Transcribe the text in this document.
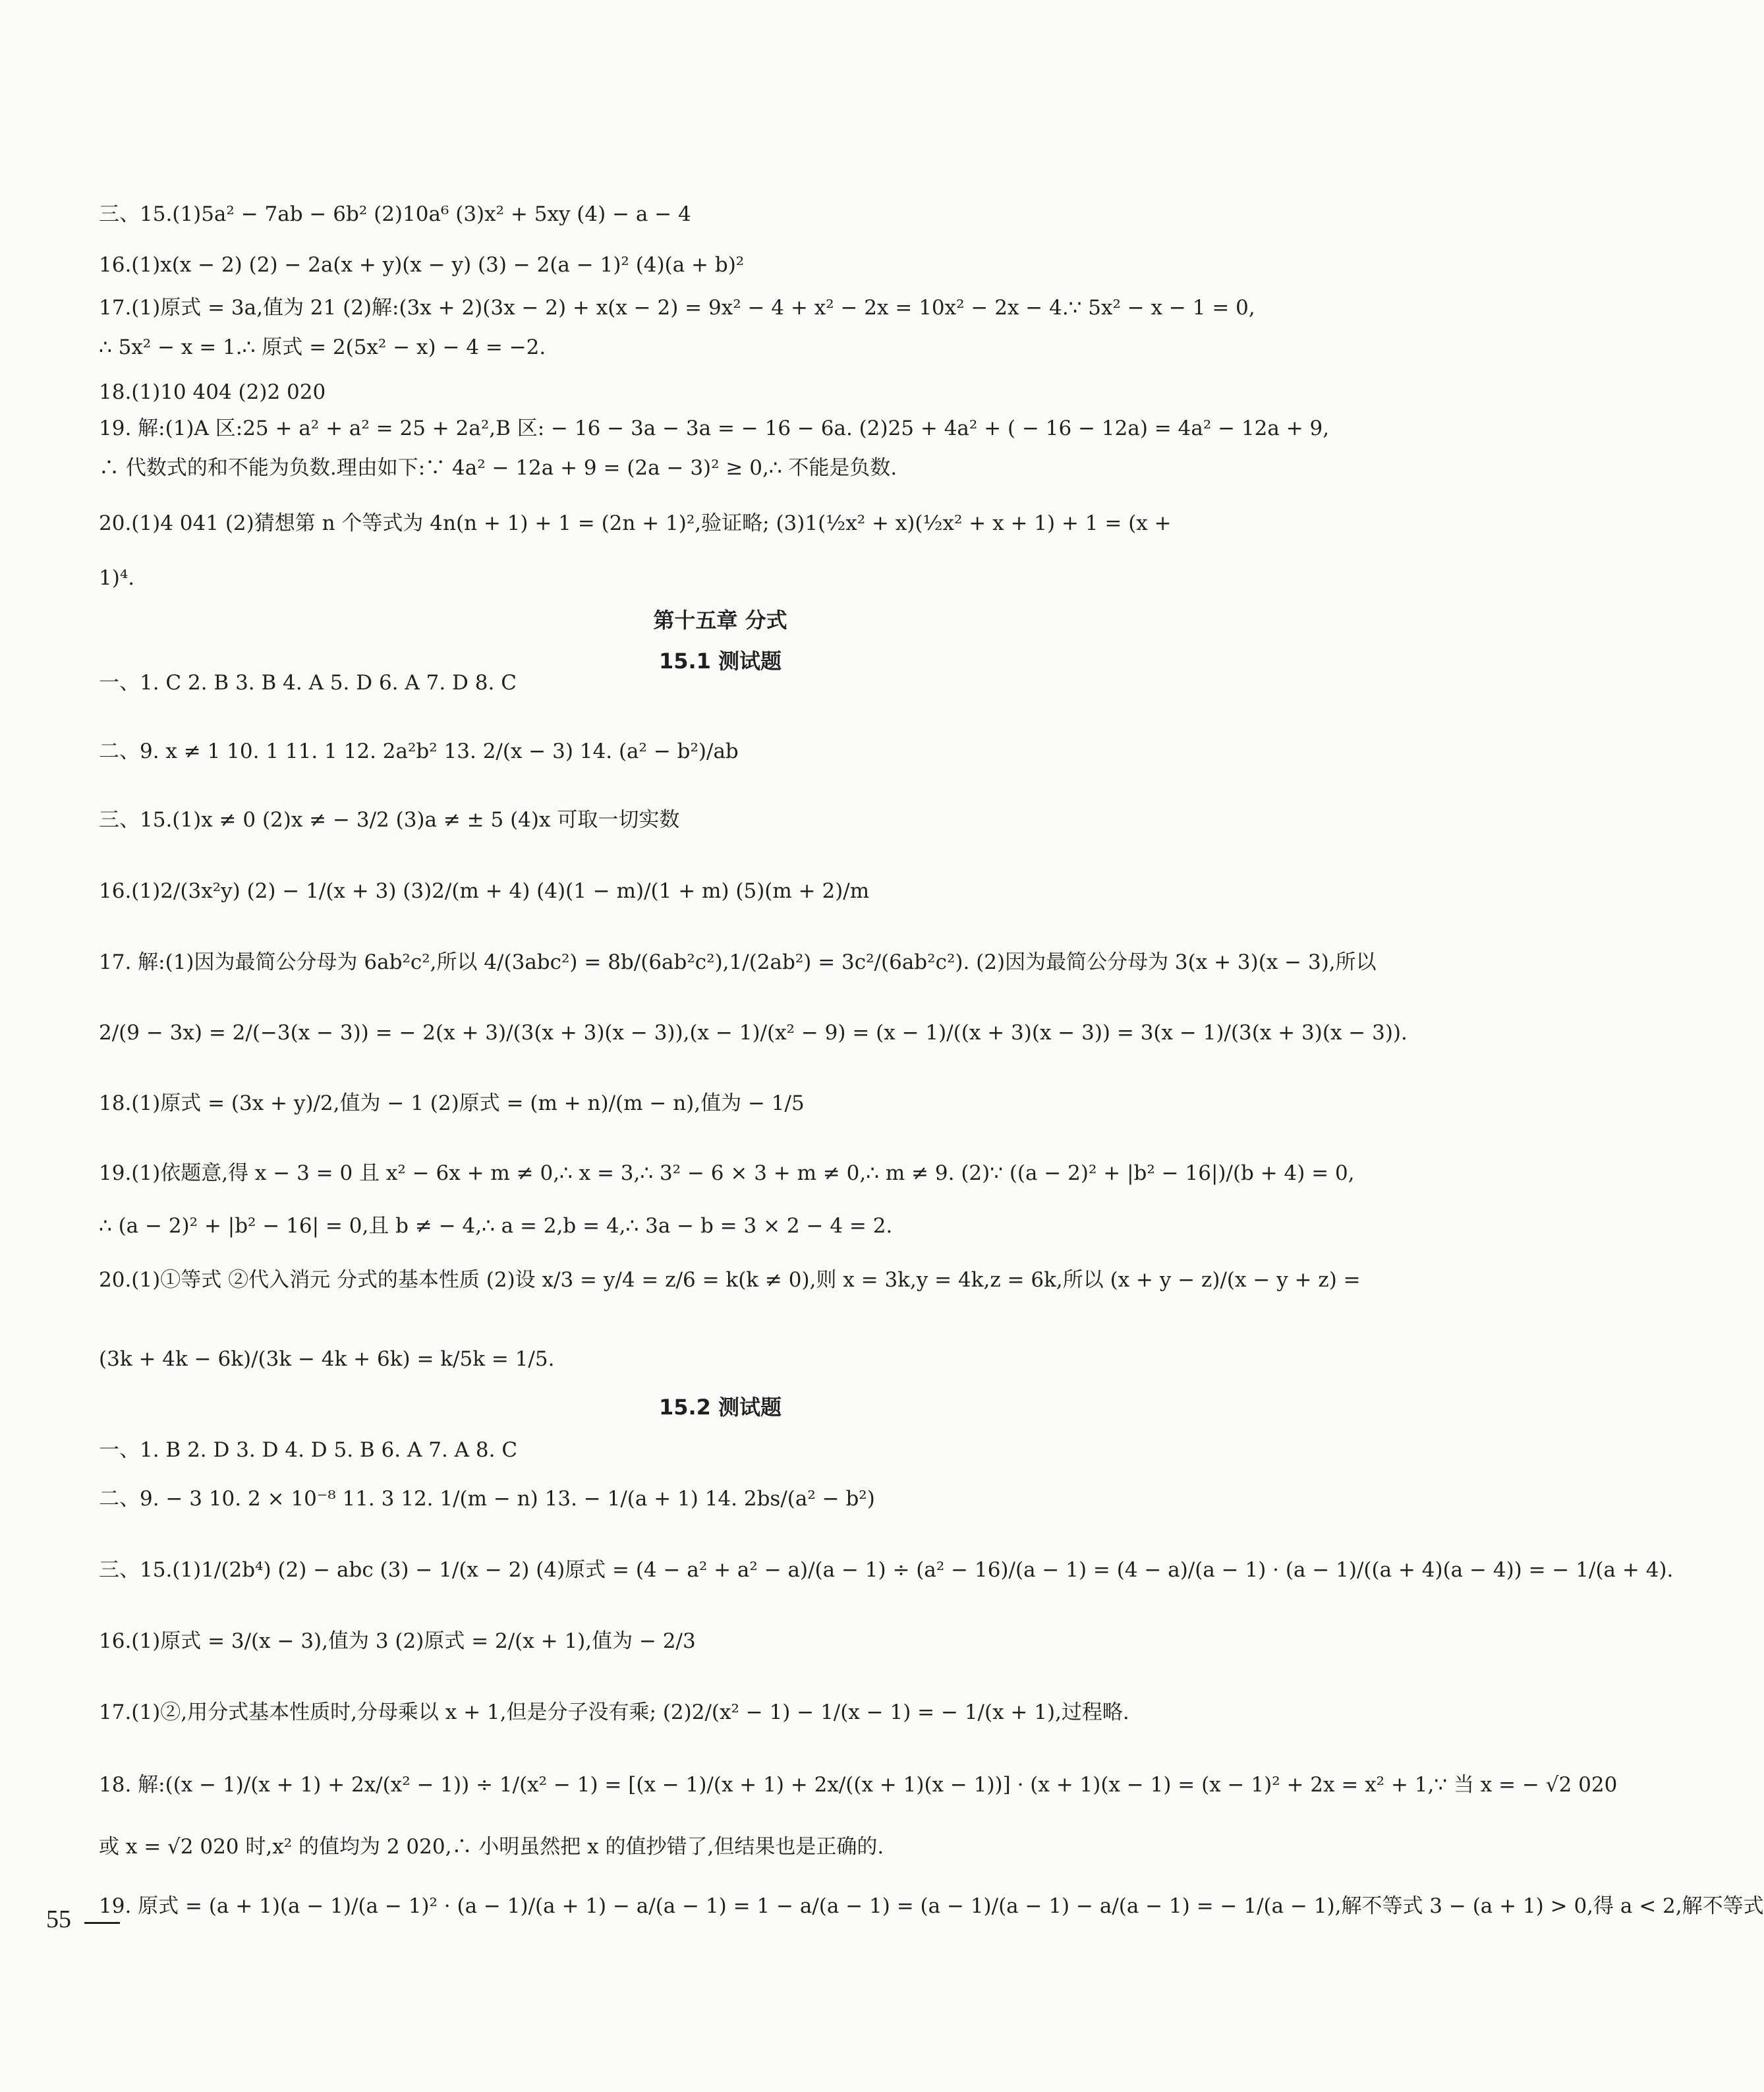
三、15.(1)5a² − 7ab − 6b² (2)10a⁶ (3)x² + 5xy (4) − a − 4
16.(1)x(x − 2) (2) − 2a(x + y)(x − y) (3) − 2(a − 1)² (4)(a + b)²
17.(1)原式 = 3a,值为 21 (2)解:(3x + 2)(3x − 2) + x(x − 2) = 9x² − 4 + x² − 2x = 10x² − 2x − 4.∵ 5x² − x − 1 = 0,
∴ 5x² − x = 1.∴ 原式 = 2(5x² − x) − 4 = −2.
18.(1)10 404 (2)2 020
19. 解:(1)A 区:25 + a² + a² = 25 + 2a²,B 区: − 16 − 3a − 3a = − 16 − 6a. (2)25 + 4a² + ( − 16 − 12a) = 4a² − 12a + 9,
∴ 代数式的和不能为负数.理由如下:∵ 4a² − 12a + 9 = (2a − 3)² ≥ 0,∴ 不能是负数.
20.(1)4 041 (2)猜想第 n 个等式为 4n(n + 1) + 1 = (2n + 1)²,验证略; (3)1(½x² + x)(½x² + x + 1) + 1 = (x +
1)⁴.
一、1. C 2. B 3. B 4. A 5. D 6. A 7. D 8. C
二、9. x ≠ 1 10. 1 11. 1 12. 2a²b² 13. 2/(x − 3) 14. (a² − b²)/ab
三、15.(1)x ≠ 0 (2)x ≠ − 3/2 (3)a ≠ ± 5 (4)x 可取一切实数
16.(1)2/(3x²y) (2) − 1/(x + 3) (3)2/(m + 4) (4)(1 − m)/(1 + m) (5)(m + 2)/m
17. 解:(1)因为最简公分母为 6ab²c²,所以 4/(3abc²) = 8b/(6ab²c²),1/(2ab²) = 3c²/(6ab²c²). (2)因为最简公分母为 3(x + 3)(x − 3),所以
2/(9 − 3x) = 2/(−3(x − 3)) = − 2(x + 3)/(3(x + 3)(x − 3)),(x − 1)/(x² − 9) = (x − 1)/((x + 3)(x − 3)) = 3(x − 1)/(3(x + 3)(x − 3)).
18.(1)原式 = (3x + y)/2,值为 − 1 (2)原式 = (m + n)/(m − n),值为 − 1/5
19.(1)依题意,得 x − 3 = 0 且 x² − 6x + m ≠ 0,∴ x = 3,∴ 3² − 6 × 3 + m ≠ 0,∴ m ≠ 9. (2)∵ ((a − 2)² + |b² − 16|)/(b + 4) = 0,
∴ (a − 2)² + |b² − 16| = 0,且 b ≠ − 4,∴ a = 2,b = 4,∴ 3a − b = 3 × 2 − 4 = 2.
20.(1)①等式 ②代入消元 分式的基本性质 (2)设 x/3 = y/4 = z/6 = k(k ≠ 0),则 x = 3k,y = 4k,z = 6k,所以 (x + y − z)/(x − y + z) =
(3k + 4k − 6k)/(3k − 4k + 6k) = k/5k = 1/5.
一、1. B 2. D 3. D 4. D 5. B 6. A 7. A 8. C
二、9. − 3 10. 2 × 10⁻⁸ 11. 3 12. 1/(m − n) 13. − 1/(a + 1) 14. 2bs/(a² − b²)
三、15.(1)1/(2b⁴) (2) − abc (3) − 1/(x − 2) (4)原式 = (4 − a² + a² − a)/(a − 1) ÷ (a² − 16)/(a − 1) = (4 − a)/(a − 1) · (a − 1)/((a + 4)(a − 4)) = − 1/(a + 4).
16.(1)原式 = 3/(x − 3),值为 3 (2)原式 = 2/(x + 1),值为 − 2/3
17.(1)②,用分式基本性质时,分母乘以 x + 1,但是分子没有乘; (2)2/(x² − 1) − 1/(x − 1) = − 1/(x + 1),过程略.
18. 解:((x − 1)/(x + 1) + 2x/(x² − 1)) ÷ 1/(x² − 1) = [(x − 1)/(x + 1) + 2x/((x + 1)(x − 1))] · (x + 1)(x − 1) = (x − 1)² + 2x = x² + 1,∵ 当 x = − √2 020
或 x = √2 020 时,x² 的值均为 2 020,∴ 小明虽然把 x 的值抄错了,但结果也是正确的.
19. 原式 = (a + 1)(a − 1)/(a − 1)² · (a − 1)/(a + 1) − a/(a − 1) = 1 − a/(a − 1) = (a − 1)/(a − 1) − a/(a − 1) = − 1/(a − 1),解不等式 3 − (a + 1) > 0,得 a < 2,解不等式
第十五章 分式
15.1 测试题
15.2 测试题
55
